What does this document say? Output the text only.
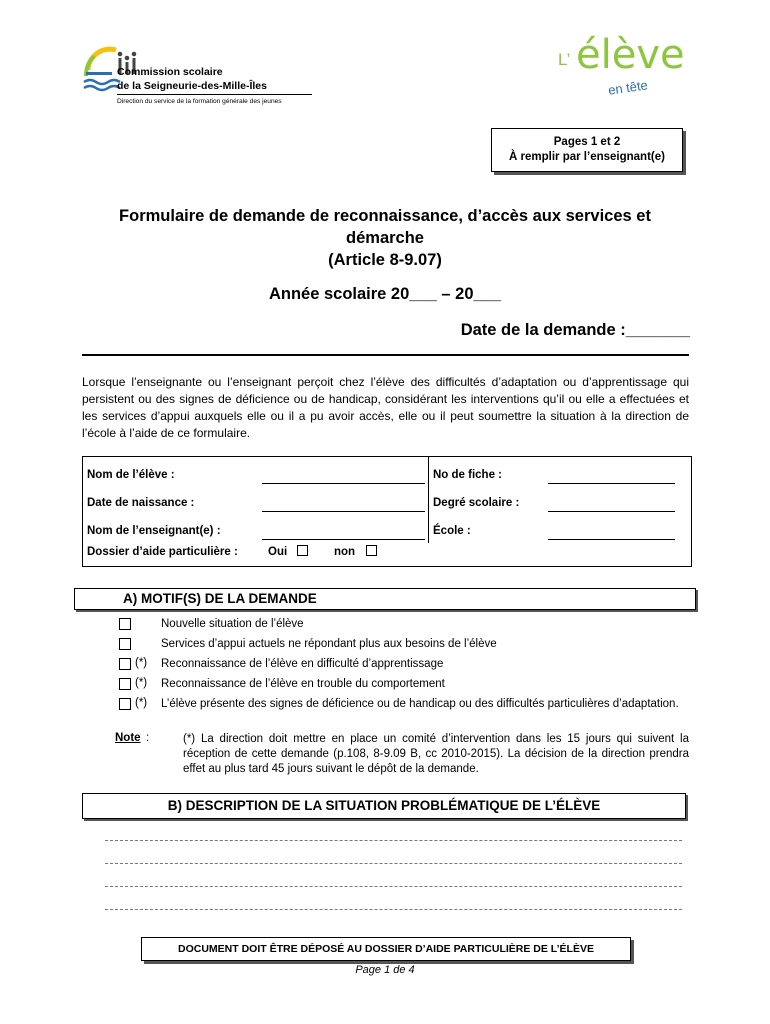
Commission scolaire
de la Seigneurie-des-Mille-Îles
Direction du service de la formation générale des jeunes
L’ élève
en tête
Pages 1 et 2
À remplir par l’enseignant(e)
Formulaire de demande de reconnaissance, d’accès aux services et
démarche
(Article 8-9.07)
Année scolaire 20___ – 20___
Date de la demande :_______
Lorsque l’enseignante ou l’enseignant perçoit chez l’élève des difficultés d’adaptation ou d’apprentissage qui persistent ou des signes de déficience ou de handicap, considérant les interventions qu’il ou elle a effectuées et les services d’appui auxquels elle ou il a pu avoir accès, elle ou il peut soumettre la situation à la direction de l’école à l’aide de ce formulaire.
Nom de l’élève :	No de fiche :
Date de naissance :	Degré scolaire :
Nom de l’enseignant(e) :	École :
Dossier d’aide particulière :	Oui	non
A) MOTIF(S) DE LA DEMANDE
Nouvelle situation de l’élève
Services d’appui actuels ne répondant plus aux besoins de l’élève
(*) Reconnaissance de l’élève en difficulté d’apprentissage
(*) Reconnaissance de l’élève en trouble du comportement
(*) L’élève présente des signes de déficience ou de handicap ou des difficultés particulières d’adaptation.
Note :	(*) La direction doit mettre en place un comité d’intervention dans les 15 jours qui suivent la réception de cette demande (p.108, 8-9.09 B, cc 2010-2015). La décision de la direction prendra effet au plus tard 45 jours suivant le dépôt de la demande.
B) DESCRIPTION DE LA SITUATION PROBLÉMATIQUE DE L’ÉLÈVE
DOCUMENT DOIT ÊTRE DÉPOSÉ AU DOSSIER D’AIDE PARTICULIÈRE DE L’ÉLÈVE
Page 1 de 4
